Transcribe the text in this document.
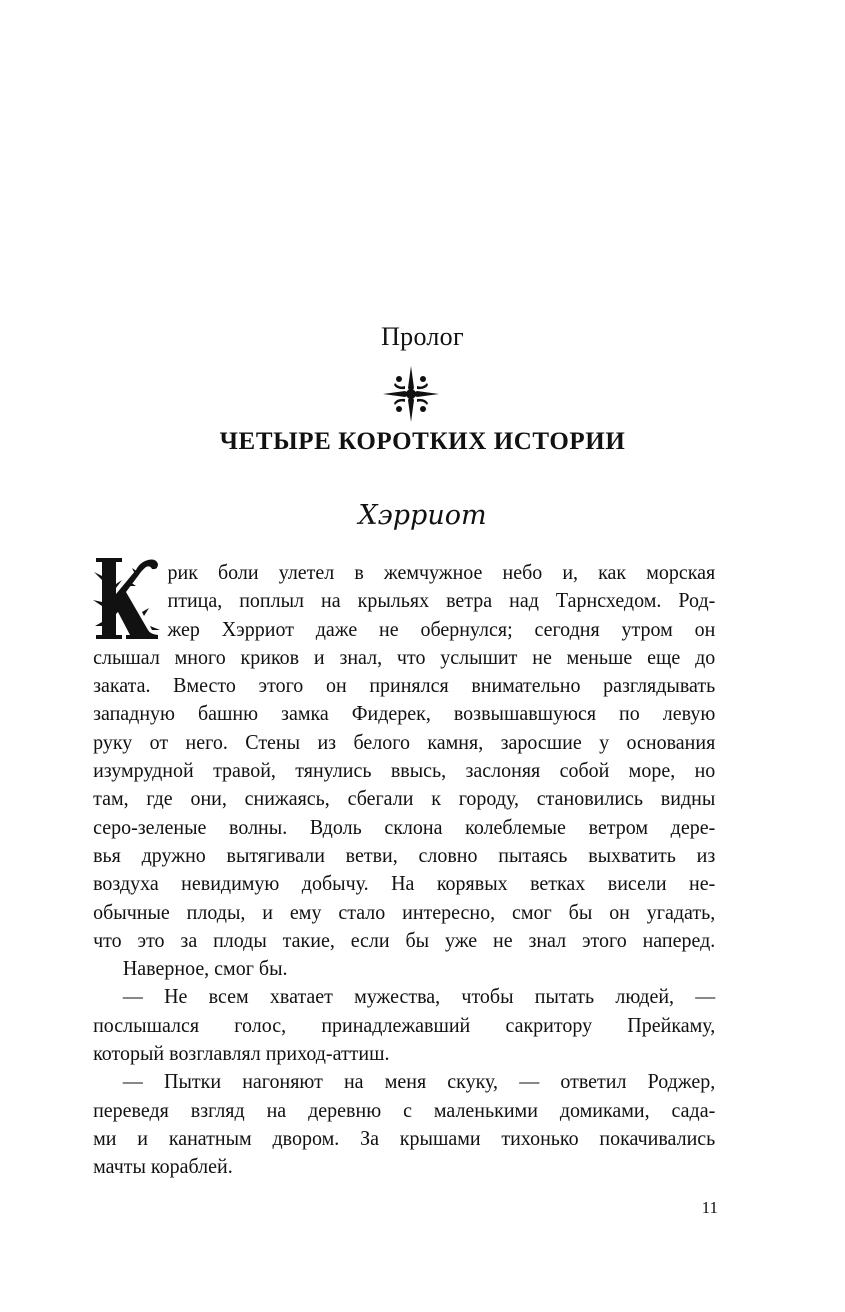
Пролог
ЧЕТЫРЕ КОРОТКИХ ИСТОРИИ
Хэрриот
рик боли улетел в жемчужное небо и, как морская
птица, поплыл на крыльях ветра над Тарнсхедом. Род-
жер Хэрриот даже не обернулся; сегодня утром он
слышал много криков и знал, что услышит не меньше еще до
заката. Вместо этого он принялся внимательно разглядывать
западную башню замка Фидерек, возвышавшуюся по левую
руку от него. Стены из белого камня, заросшие у основания
изумрудной травой, тянулись ввысь, заслоняя собой море, но
там, где они, снижаясь, сбегали к городу, становились видны
серо-зеленые волны. Вдоль склона колеблемые ветром дере-
вья дружно вытягивали ветви, словно пытаясь выхватить из
воздуха невидимую добычу. На корявых ветках висели не-
обычные плоды, и ему стало интересно, смог бы он угадать,
что это за плоды такие, если бы уже не знал этого наперед.
Наверное, смог бы.
— Не всем хватает мужества, чтобы пытать людей, —
послышался голос, принадлежавший сакритору Прейкаму,
который возглавлял приход-аттиш.
— Пытки нагоняют на меня скуку, — ответил Роджер,
переведя взгляд на деревню с маленькими домиками, сада-
ми и канатным двором. За крышами тихонько покачивались
мачты кораблей.
11
